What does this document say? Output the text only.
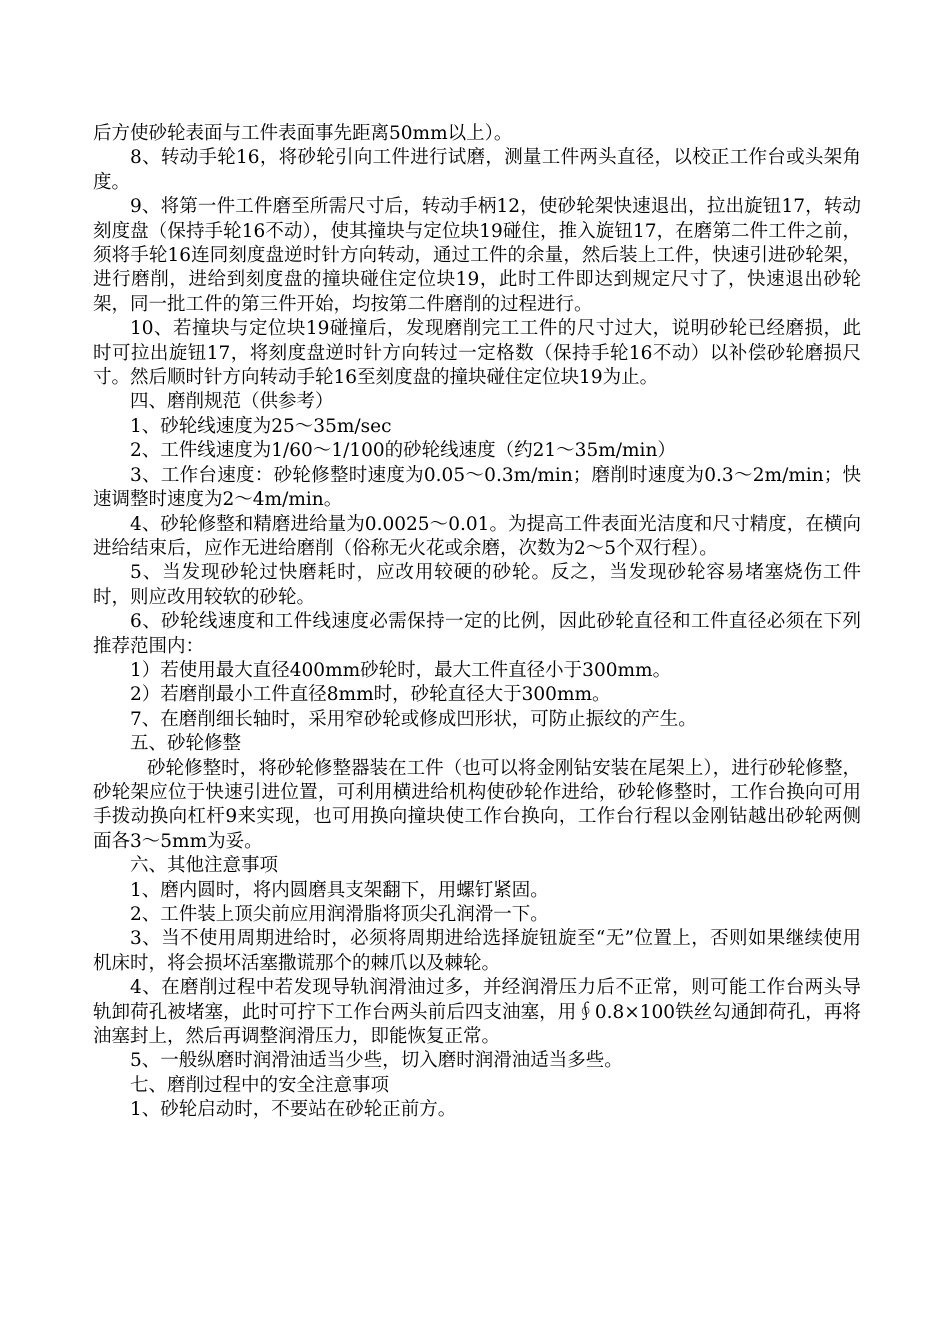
后方使砂轮表面与工件表面事先距离50mm以上）。

8、转动手轮16，将砂轮引向工件进行试磨，测量工件两头直径，以校正工作台或头架角度。

9、将第一件工件磨至所需尺寸后，转动手柄12，使砂轮架快速退出，拉出旋钮17，转动刻度盘（保持手轮16不动），使其撞块与定位块19碰住，推入旋钮17，在磨第二件工件之前，须将手轮16连同刻度盘逆时针方向转动，通过工件的余量，然后装上工件，快速引进砂轮架，进行磨削，进给到刻度盘的撞块碰住定位块19，此时工件即达到规定尺寸了，快速退出砂轮架，同一批工件的第三件开始，均按第二件磨削的过程进行。

10、若撞块与定位块19碰撞后，发现磨削完工工件的尺寸过大，说明砂轮已经磨损，此时可拉出旋钮17，将刻度盘逆时针方向转过一定格数（保持手轮16不动）以补偿砂轮磨损尺寸。然后顺时针方向转动手轮16至刻度盘的撞块碰住定位块19为止。

四、磨削规范（供参考）

1、砂轮线速度为25～35m/sec

2、工件线速度为1/60～1/100的砂轮线速度（约21～35m/min）

3、工作台速度：砂轮修整时速度为0.05～0.3m/min；磨削时速度为0.3～2m/min；快速调整时速度为2～4m/min。

4、砂轮修整和精磨进给量为0.0025～0.01。为提高工件表面光洁度和尺寸精度，在横向进给结束后，应作无进给磨削（俗称无火花或余磨，次数为2～5个双行程）。

5、当发现砂轮过快磨耗时，应改用较硬的砂轮。反之，当发现砂轮容易堵塞烧伤工件时，则应改用较软的砂轮。

6、砂轮线速度和工件线速度必需保持一定的比例，因此砂轮直径和工件直径必须在下列推荐范围内：

1）若使用最大直径400mm砂轮时，最大工件直径小于300mm。

2）若磨削最小工件直径8mm时，砂轮直径大于300mm。

7、在磨削细长轴时，采用窄砂轮或修成凹形状，可防止振纹的产生。

五、砂轮修整

砂轮修整时，将砂轮修整器装在工件（也可以将金刚钻安装在尾架上），进行砂轮修整，砂轮架应位于快速引进位置，可利用横进给机构使砂轮作进给，砂轮修整时，工作台换向可用手拨动换向杠杆9来实现，也可用换向撞块使工作台换向，工作台行程以金刚钻越出砂轮两侧面各3～5mm为妥。

六、其他注意事项

1、磨内圆时，将内圆磨具支架翻下，用螺钉紧固。

2、工件装上顶尖前应用润滑脂将顶尖孔润滑一下。

3、当不使用周期进给时，必须将周期进给选择旋钮旋至“无”位置上，否则如果继续使用机床时，将会损坏活塞撒谎那个的棘爪以及棘轮。

4、在磨削过程中若发现导轨润滑油过多，并经润滑压力后不正常，则可能工作台两头导轨卸荷孔被堵塞，此时可拧下工作台两头前后四支油塞，用∮0.8×100铁丝勾通卸荷孔，再将油塞封上，然后再调整润滑压力，即能恢复正常。

5、一般纵磨时润滑油适当少些，切入磨时润滑油适当多些。

七、磨削过程中的安全注意事项

1、砂轮启动时，不要站在砂轮正前方。
